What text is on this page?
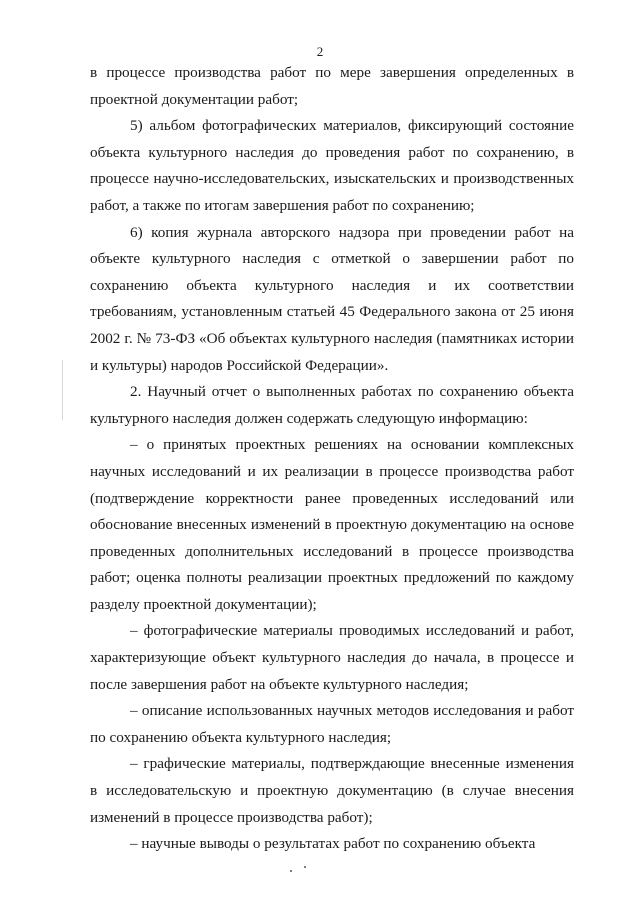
2

в процессе производства работ по мере завершения определенных в проектной документации работ;

5) альбом фотографических материалов, фиксирующий состояние объекта культурного наследия до проведения работ по сохранению, в процессе научно-исследовательских, изыскательских и производственных работ, а также по итогам завершения работ по сохранению;

6) копия журнала авторского надзора при проведении работ на объекте культурного наследия с отметкой о завершении работ по сохранению объекта культурного наследия и их соответствии требованиям, установленным статьей 45 Федерального закона от 25 июня 2002 г. № 73-ФЗ «Об объектах культурного наследия (памятниках истории и культуры) народов Российской Федерации».

2. Научный отчет о выполненных работах по сохранению объекта культурного наследия должен содержать следующую информацию:

– о принятых проектных решениях на основании комплексных научных исследований и их реализации в процессе производства работ (подтверждение корректности ранее проведенных исследований или обоснование внесенных изменений в проектную документацию на основе проведенных дополнительных исследований в процессе производства работ; оценка полноты реализации проектных предложений по каждому разделу проектной документации);

– фотографические материалы проводимых исследований и работ, характеризующие объект культурного наследия до начала, в процессе и после завершения работ на объекте культурного наследия;

– описание использованных научных методов исследования и работ по сохранению объекта культурного наследия;

– графические материалы, подтверждающие внесенные изменения в исследовательскую и проектную документацию (в случае внесения изменений в процессе производства работ);

– научные выводы о результатах работ по сохранению объекта
